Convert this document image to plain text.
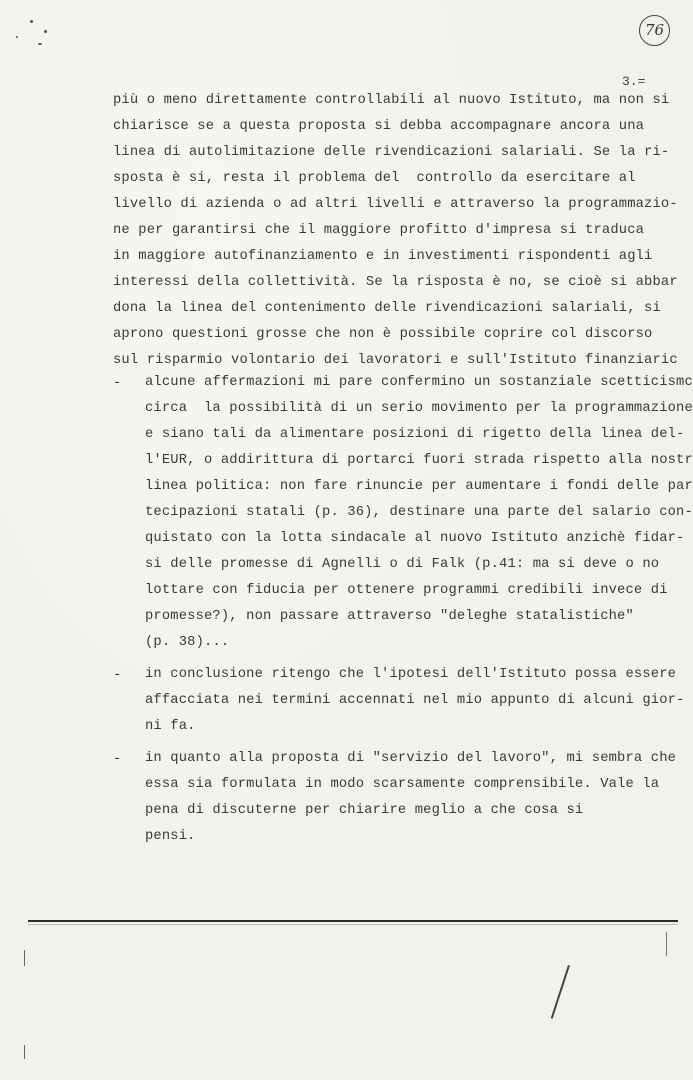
76
3.=
più o meno direttamente controllabili al nuovo Istituto, ma non si
chiarisce se a questa proposta si debba accompagnare ancora una
linea di autolimitazione delle rivendicazioni salariali. Se la ri-
sposta è si, resta il problema del  controllo da esercitare al
livello di azienda o ad altri livelli e attraverso la programmazio-
ne per garantirsi che il maggiore profitto d'impresa si traduca
in maggiore autofinanziamento e in investimenti rispondenti agli
interessi della collettività. Se la risposta è no, se cioè si abbar
dona la linea del contenimento delle rivendicazioni salariali, si
aprono questioni grosse che non è possibile coprire col discorso
sul risparmio volontario dei lavoratori e sull'Istituto finanziaric
- alcune affermazioni mi pare confermino un sostanziale scetticismc
circa  la possibilità di un serio movimento per la programmazione
e siano tali da alimentare posizioni di rigetto della linea del-
l'EUR, o addirittura di portarci fuori strada rispetto alla nostr
linea politica: non fare rinuncie per aumentare i fondi delle par
tecipazioni statali (p. 36), destinare una parte del salario con-
quistato con la lotta sindacale al nuovo Istituto anzichè fidar-
si delle promesse di Agnelli o di Falk (p.41: ma si deve o no
lottare con fiducia per ottenere programmi credibili invece di
promesse?), non passare attraverso "deleghe statalistiche"
(p. 38)...
- in conclusione ritengo che l'ipotesi dell'Istituto possa essere
affacciata nei termini accennati nel mio appunto di alcuni gior-
ni fa.
- in quanto alla proposta di "servizio del lavoro", mi sembra che
essa sia formulata in modo scarsamente comprensibile. Vale la
pena di discuterne per chiarire meglio a che cosa si
pensi.
